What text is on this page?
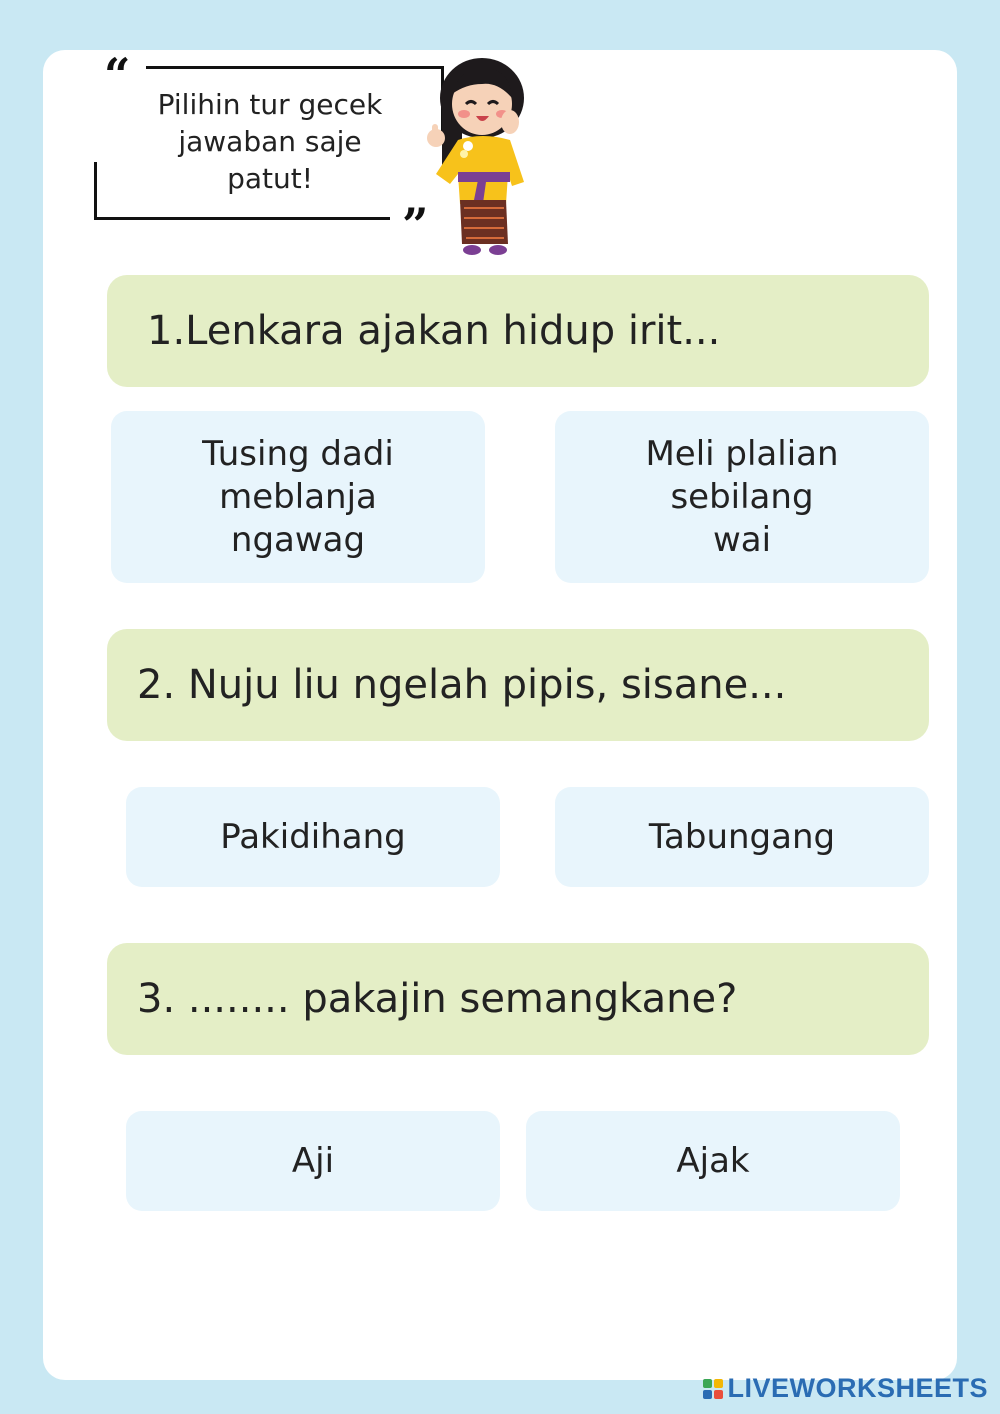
“
”
Pilihin tur gecek
jawaban saje
patut!
1.Lenkara ajakan hidup irit...
Tusing dadi
meblanja
ngawag
Meli plalian
sebilang
wai
2. Nuju liu ngelah pipis, sisane...
Pakidihang	Tabungang
3. ........ pakajin semangkane?
Aji	Ajak
LIVEWORKSHEETS
